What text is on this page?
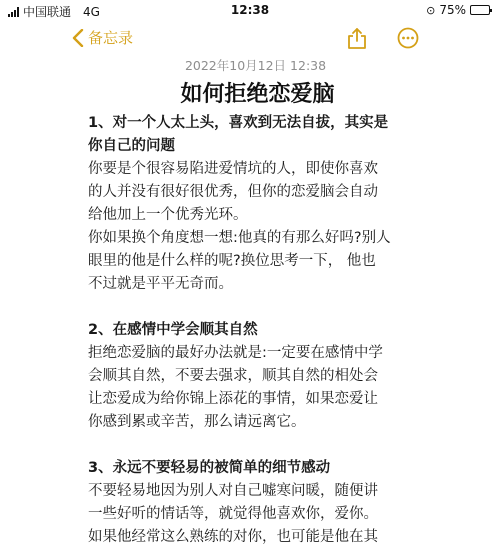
中国联通 4G	12:38	⊙ 75%
备忘录
2022年10月12日 12:38
如何拒绝恋爱脑
1、对一个人太上头，喜欢到无法自拔，其实是
你自己的问题
你要是个很容易陷进爱情坑的人，即使你喜欢
的人并没有很好很优秀，但你的恋爱脑会自动
给他加上一个优秀光环。
你如果换个角度想一想:他真的有那么好吗?别人
眼里的他是什么样的呢?换位思考一下， 他也
不过就是平平无奇而。
2、在感情中学会顺其自然
拒绝恋爱脑的最好办法就是:一定要在感情中学
会顺其自然，不要去强求，顺其自然的相处会
让恋爱成为给你锦上添花的事情，如果恋爱让
你感到累或辛苦，那么请远离它。
3、永远不要轻易的被简单的细节感动
不要轻易地因为别人对自己嘘寒问暖，随便讲
一些好听的情话等，就觉得他喜欢你，爱你。
如果他经常这么熟练的对你，也可能是他在其
